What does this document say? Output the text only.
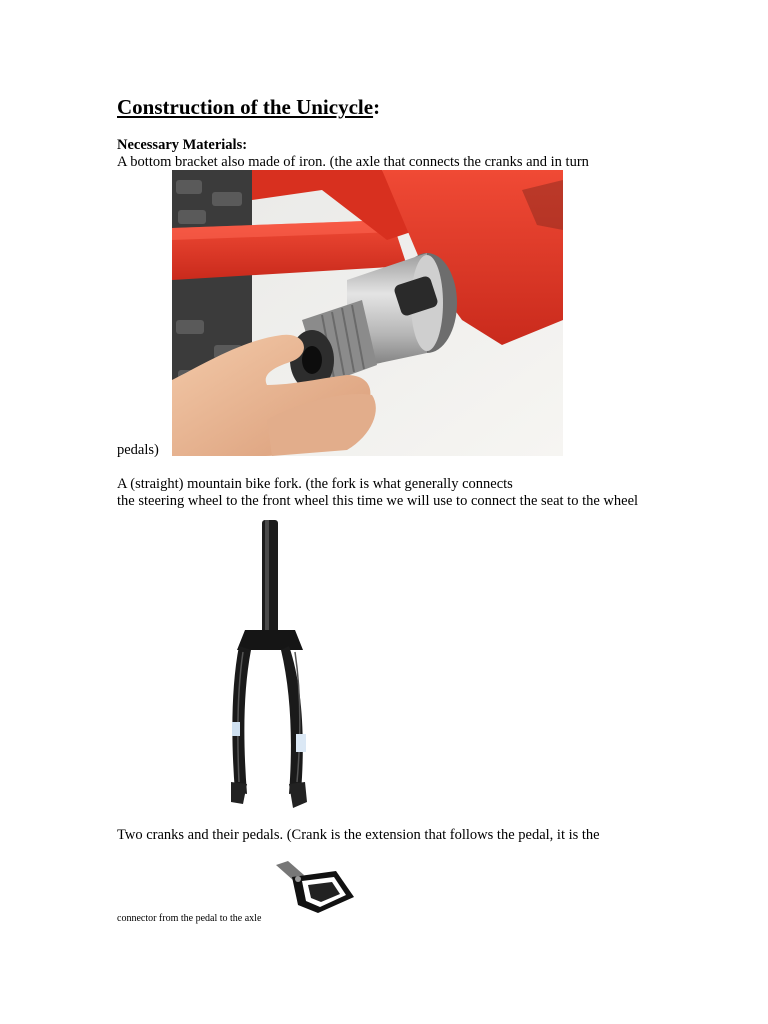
Construction of the Unicycle:
Necessary Materials:
A bottom bracket also made of iron. (the axle that connects the cranks and in turn
pedals)
A (straight) mountain bike fork. (the fork is what generally connects
the steering wheel to the front wheel this time we will use to connect the seat to the wheel
Two cranks and their pedals. (Crank is the extension that follows the pedal, it is the
connector from the pedal to the axle
